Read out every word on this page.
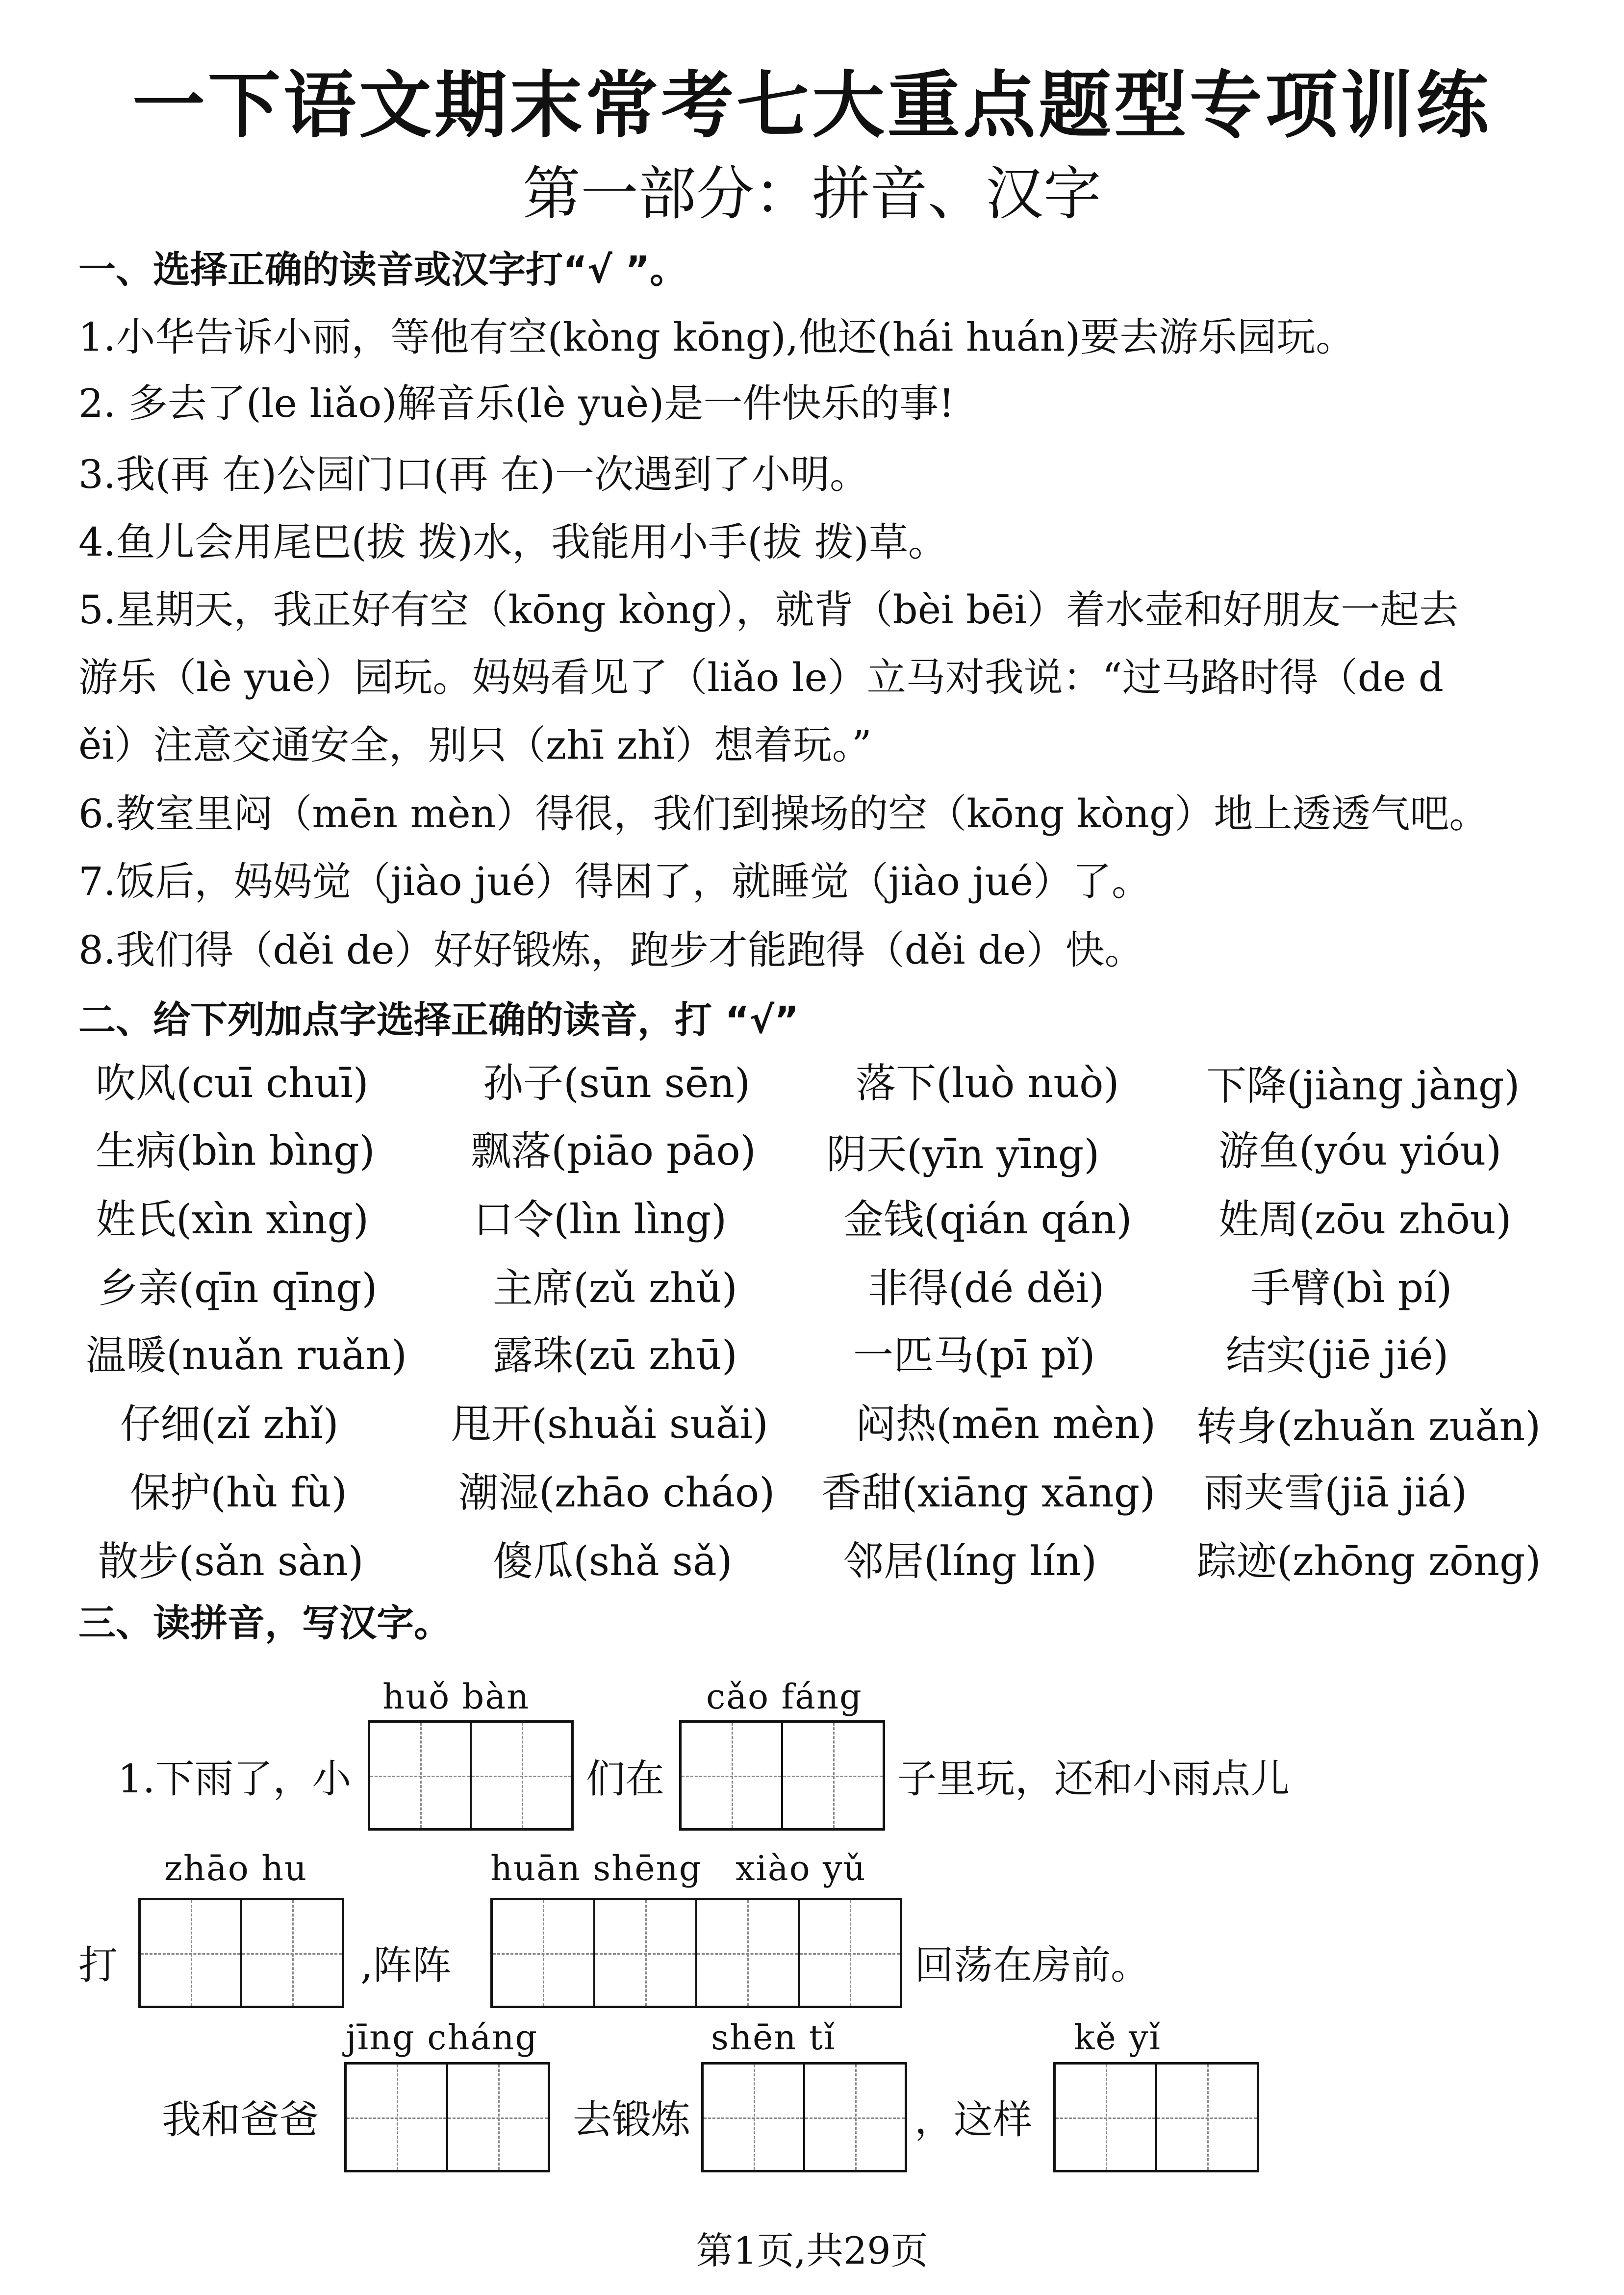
一下语文期末常考七大重点题型专项训练
第一部分：拼音、汉字
一、选择正确的读音或汉字打“√ ”。
1.小华告诉小丽，等他有空(kòng kōng),他还(hái huán)要去游乐园玩。
2. 多去了(le liǎo)解音乐(lè yuè)是一件快乐的事!
3.我(再 在)公园门口(再 在)一次遇到了小明。
4.鱼儿会用尾巴(拔 拨)水，我能用小手(拔 拨)草。
5.星期天，我正好有空（kōng kòng），就背（bèi bēi）着水壶和好朋友一起去
游乐（lè yuè）园玩。妈妈看见了（liǎo le）立马对我说：“过马路时得（de d
ěi）注意交通安全，别只（zhī zhǐ）想着玩。”
6.教室里闷（mēn mèn）得很，我们到操场的空（kōng kòng）地上透透气吧。
7.饭后，妈妈觉（jiào jué）得困了，就睡觉（jiào jué）了。
8.我们得（děi de）好好锻炼，跑步才能跑得（děi de）快。
二、给下列加点字选择正确的读音，打 “√”
吹风(cuī chuī)	孙子(sūn sēn)	落下(luò nuò) 下降(jiàng jàng)
生病(bìn bìng) 飘落(piāo pāo) 阴天(yīn yīng)	游鱼(yóu yióu)
姓氏(xìn xìng)	口令(lìn lìng)	金钱(qián qán) 姓周(zōu zhōu)
乡亲(qīn qīng)	主席(zǔ zhǔ)	非得(dé děi)	手臂(bì pí)
温暖(nuǎn ruǎn) 露珠(zū zhū)	一匹马(pī pǐ)	结实(jiē jié)
仔细(zǐ zhǐ)	甩开(shuǎi suǎi) 闷热(mēn mèn) 转身(zhuǎn zuǎn)
保护(hù fù)	潮湿(zhāo cháo) 香甜(xiāng xāng) 雨夹雪(jiā jiá)
散步(sǎn sàn)	傻瓜(shǎ sǎ)	邻居(líng lín) 踪迹(zhōng zōng)
三、读拼音，写汉字。
huǒ bàn	cǎo fáng
1.下雨了，小	们在	子里玩，还和小雨点儿
zhāo hu	huān shēng xiào yǔ
打	,阵阵	回荡在房前。
jīng cháng	shēn tǐ	kě yǐ
我和爸爸	去锻炼	，这样
第1页,共29页
